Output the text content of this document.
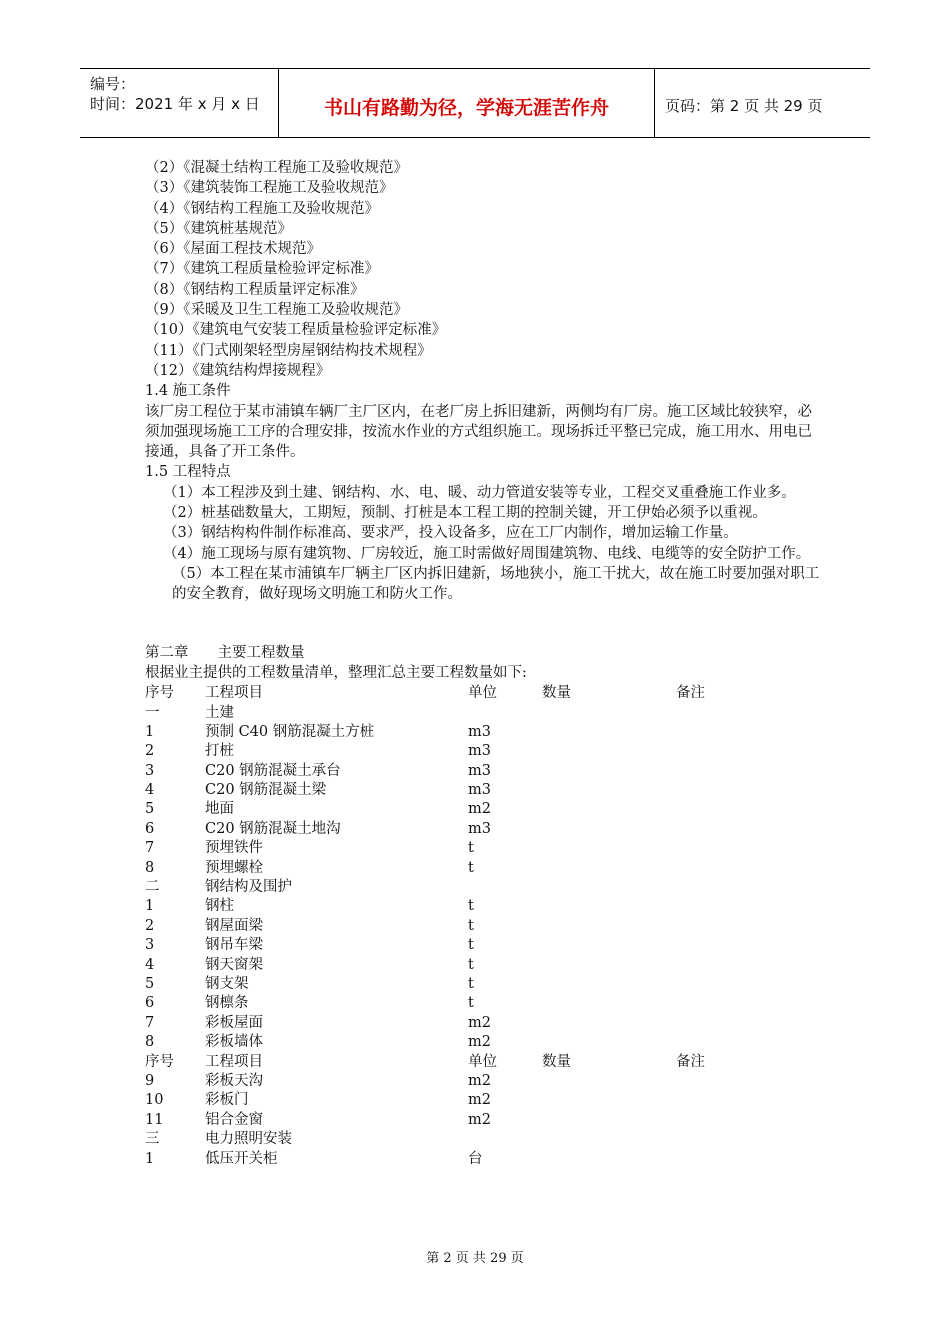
编号：
时间：2021 年 x 月 x 日	书山有路勤为径，学海无涯苦作舟	页码：第 2 页 共 29 页
（2）《混凝土结构工程施工及验收规范》
（3）《建筑装饰工程施工及验收规范》
（4）《钢结构工程施工及验收规范》
（5）《建筑桩基规范》
（6）《屋面工程技术规范》
（7）《建筑工程质量检验评定标准》
（8）《钢结构工程质量评定标准》
（9）《采暖及卫生工程施工及验收规范》
（10）《建筑电气安装工程质量检验评定标准》
（11）《门式刚架轻型房屋钢结构技术规程》
（12）《建筑结构焊接规程》
1.4 施工条件
该厂房工程位于某市浦镇车辆厂主厂区内，在老厂房上拆旧建新，两侧均有厂房。施工区域比较狭窄，必须加强现场施工工序的合理安排，按流水作业的方式组织施工。现场拆迁平整已完成，施工用水、用电已接通，具备了开工条件。
1.5 工程特点
（1）本工程涉及到土建、钢结构、水、电、暖、动力管道安装等专业，工程交叉重叠施工作业多。
（2）桩基础数量大，工期短，预制、打桩是本工程工期的控制关键，开工伊始必须予以重视。
（3）钢结构构件制作标准高、要求严，投入设备多，应在工厂内制作，增加运输工作量。
（4）施工现场与原有建筑物、厂房较近，施工时需做好周围建筑物、电线、电缆等的安全防护工作。
（5）本工程在某市浦镇车厂辆主厂区内拆旧建新，场地狭小，施工干扰大，故在施工时要加强对职工的安全教育，做好现场文明施工和防火工作。
第二章　　主要工程数量
根据业主提供的工程数量清单，整理汇总主要工程数量如下:
序号 工程项目	单位	数量	备注
一	土建
1	预制 C40 钢筋混凝土方桩	m3
2	打桩	m3
3	C20 钢筋混凝土承台	m3
4	C20 钢筋混凝土梁	m3
5	地面	m2
6	C20 钢筋混凝土地沟	m3
7	预埋铁件	t
8	预埋螺栓	t
二	钢结构及围护
1	钢柱	t
2	钢屋面梁	t
3	钢吊车梁	t
4	钢天窗架	t
5	钢支架	t
6	钢檩条	t
7	彩板屋面	m2
8	彩板墙体	m2
序号 工程项目	单位	数量	备注
9	彩板天沟	m2
10	彩板门	m2
11	铝合金窗	m2
三	电力照明安装
1	低压开关柜	台
第 2 页 共 29 页
